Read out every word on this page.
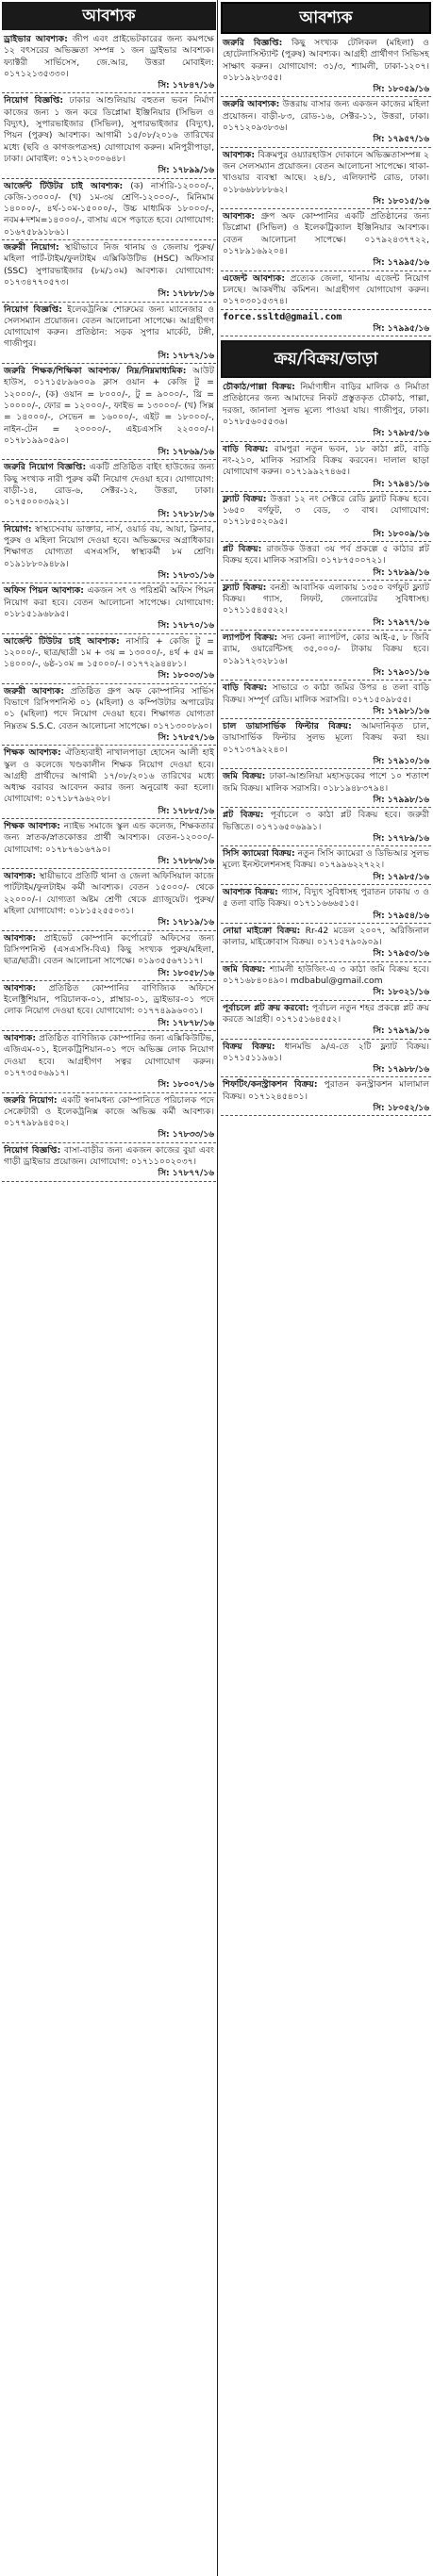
আবশ্যক
ড্রাইভার আবশ্যক: জীপ এবং প্রাইভেটকারের জন্য কমপক্ষে ১২ বৎসরের অভিজ্ঞতা সম্পন্ন ১ জন ড্রাইভার আবশ্যক। ফ্যাক্টরী সার্ভিসেস, জে.আর, উত্তরা মোবাইল: ০১৭১২১৩৫৩৩০।
সি: ১৭৮৪৭/১৬
নিয়োগ বিজ্ঞপ্তি: ঢাকার আশুলিয়ায় বহুতল ভবন নির্মাণ কাজের জন্য ১ জন করে ডিপ্লোমা ইঞ্জিনিয়ার (সিভিল ও বিদ্যুৎ), সুপারভাইজার (সিভিল), সুপারভাইজার (বিদ্যুৎ), পিয়ন (পুরুষ) আবশ্যক। আগামী ১৫/০৮/২০১৬ তারিখের মধ্যে (ছবি ও কাগজপত্রসহ) যোগাযোগ করুন। মনিপুরীপাড়া, ঢাকা। মোবাইল: ০১৭১২০৩০৬৪৮।
সি: ১৭৮৯৯/১৬
আর্জেন্ট টিউটর চাই আবশ্যক: (ক) নার্সারি-১২০০০/-, কেজি-১৩০০০/- (খ) ১ম-৩য় শ্রেণি-১২০০০/-, মিনিমাম ১৪০০০/-, ৪র্থ-১০ম-১৫০০০/-, উচ্চ মাধ্যমিক ১৮০০০/-, নবম+দশম=১৪০০০/-, বাসায় এসে পড়াতে হবে। যোগাযোগ: ০১৬৭৫৮৯১৮৬১।
জরুরী নিয়োগ: স্থায়ীভাবে নিজ থানায় ও জেলায় পুরুষ/মহিলা পার্ট-টাইম/ফুলটাইম এক্সিকিউটিভ (HSC) অফিসার (SSC) সুপারভাইজার (৮ম/১০ম) আবশ্যক। যোগাযোগ: ০১৭৩৪৭৭০৫৭৩।
সি: ১৭৮৮৮/১৬
নিয়োগ বিজ্ঞপ্তি: ইলেকট্রনিক্স শোরুমের জন্য ম্যানেজার ও সেলসম্যান প্রয়োজন। বেতন আলোচনা সাপেক্ষে। আগ্রহীগণ যোগাযোগ করুন। প্রতিষ্ঠান: সড়ক সুপার মার্কেট, টঙ্গী, গাজীপুর।
সি: ১৭৮৭২/১৬
জরুরি শিক্ষক/শিক্ষিকা আবশ্যক/ নিম্ন/নিম্নমাধ্যমিক: আউট হাউস, ০১৭১৫৮৯৬০০৯ ক্লাস ওয়ান + কেজি টু = ১২০০০/-, (ক) ওয়ান = ৮০০০/-, টু = ৯০০০/-, থ্রি = ১০০০০/-, ফোর = ১২০০০/-, ফাইভ = ১৩০০০/- (খ) সিক্স = ১৪০০০/-, সেভেন = ১৬০০০/-, এইট = ১৮০০০/-, নাইন-টেন = ২০০০০/-, এইচএসসি ২২০০০/-। ০১৭৮১৯৯০৫৯০।
সি: ১৭৮৬৯/১৬
জরুরি নিয়োগ বিজ্ঞপ্তি: একটি প্রতিষ্ঠিত বাইং হাউজের জন্য কিছু সংখ্যক নারী পুরুষ কর্মী নিয়োগ দেওয়া হবে। যোগাযোগ: বাড়ী-১৪, রোড-৬, সেক্টর-১২, উত্তরা, ঢাকা। ০১৭৫০০০৩৯২১।
সি: ১৭৮১৮/১৬
নিয়োগ: স্বাস্থ্যসেবায় ডাক্তার, নার্স, ওয়ার্ড বয়, আয়া, ক্লিনার, পুরুষ ও মহিলা নিয়োগ দেওয়া হবে। অভিজ্ঞদের অগ্রাধিকার। শিক্ষাগত যোগ্যতা এসএসসি, স্বাস্থ্যকর্মী ৮ম শ্রেণি। ০১৯১৮৮০৯৪৮৯।
সি: ১৭৮৩১/১৬
অফিস পিয়ন আবশ্যক: একজন সৎ ও পরিশ্রমী অফিস পিয়ন নিয়োগ করা হবে। বেতন আলোচনা সাপেক্ষে। যোগাযোগ: ০১৮১৫১৯৬৮৯৫।
সি: ১৭৮৭০/১৬
আর্জেন্ট টিউটর চাই আবশ্যক: নার্সারি + কেজি টু = ১২০০০/-, ছাত্র/ছাত্রী ১ম + ৩য় = ১৩০০০/-, ৪র্থ + ৫ম = ১৪০০০/-, ৬ষ্ঠ-১০ম = ১৫০০০/-। ০১৭৭২৯৪৪৮১।
সি: ১৮০০৩/১৬
জরুরী আবশ্যক: প্রতিষ্ঠিত গ্রুপ অফ কোম্পানির সার্ভিস বিভাগে রিসিপশনিস্ট ০১ (মহিলা) ও কম্পিউটার অপারেটর ০১ (মহিলা) পদে নিয়োগ দেওয়া হবে। শিক্ষাগত যোগ্যতা নিম্নতম S.S.C. বেতন আলোচনা সাপেক্ষে। ০১৭১৩০০৮৯০।
সি: ১৭৮৫৭/১৬
শিক্ষক আবশ্যক: ঐতিহ্যবাহী নাখালপাড়া হোসেন আলী হাই স্কুল ও কলেজে খণ্ডকালীন শিক্ষক নিয়োগ দেওয়া হবে। আগ্রহী প্রার্থীদের আগামী ১৭/০৮/২০১৬ তারিখের মধ্যে অধ্যক্ষ বরাবর আবেদন করার জন্য অনুরোধ করা হলো। যোগাযোগ: ০১৭১৮৭৯৬২০৮।
সি: ১৭৮৮৫/১৬
শিক্ষক আবশ্যক: ন্যাইভ সমাজে স্কুল এন্ড কলেজ, শিক্ষকতার জন্য স্নাতক/স্নাতকোত্তর প্রার্থী আবশ্যক। বেতন-১২০০০/- যোগাযোগ: ০১৭৮৭৬১৬৭৯০।
সি: ১৭৮৮৬/১৬
আবশ্যক: স্থায়ীভাবে প্রতিটি থানা ও জেলা অফিসিয়াল কাজে পার্টটাইম/ফুলটাইম কর্মী আবশ্যক। বেতন ১৫০০০/- থেকে ২২০০০/-। যোগ্যতা অষ্টম শ্রেণী থেকে গ্র্যাজুয়েট। পুরুষ/মহিলা যোগাযোগ: ০১৮১৫২৫৫০৩১।
সি: ১৭৮১৯/১৬
আবশ্যক: প্রাইভেট কোম্পানি কর্পোরেট অফিসের জন্য রিসিপশনিস্ট (এসএসসি-বিএ) কিছু সংখ্যক পুরুষ/মহিলা, ছাত্র/ছাত্রী। বেতন আলোচনা সাপেক্ষে। ০১৯৩৫৫৬৭১১৭।
সি: ১৮০৫৮/১৬
আবশ্যক: প্রতিষ্ঠিত কোম্পানির বাণিজ্যিক অফিসে ইলেক্ট্রিশিয়ান, পরিচালক-০১, প্লাম্বার-০১, ড্রাইভার-০১ পদে লোক নিয়োগ দেওয়া হবে। যোগাযোগ: ০১৭৭৪৯৯৬০৩১।
সি: ১৭৮৭৮/১৬
আবশ্যক: প্রতিষ্ঠিত বাণিজ্যিক কোম্পানির জন্য এক্সিকিউটিভ, এজিএম-০১, ইলেকট্রিশিয়ান-০১ পদে অভিজ্ঞ লোক নিয়োগ দেওয়া হবে। আগ্রহীগণ সত্বর যোগাযোগ করুন। ০১৭৭৩৫০৬৯১৭।
সি: ১৮০০৭/১৬
জরুরি নিয়োগ: একটি স্বনামধন্য কোম্পানিতে পরিচালক পদে সেক্রেটারী ও ইলেকট্রনিক্স কাজে অভিজ্ঞ কর্মী আবশ্যক। ০১৭৭৯৮৯৪৫০২।
সি: ১৭৮৩৩/১৬
নিয়োগ বিজ্ঞপ্তি: বাসা-বাড়ীর জন্য একজন কাজের বুয়া এবং গাড়ী ড্রাইভার প্রয়োজন। যোগাযোগ: ০১৭১১০০২০৩৭।
সি: ১৭৮৭৭/১৬
আবশ্যক
জরুরি বিজ্ঞপ্তি: কিছু সংখ্যক টেলিকল (মহিলা) ও হোটেলাসিস্ট্যান্ট (পুরুষ) আবশ্যক। আগ্রহী প্রার্থীগণ সিভিসহ সাক্ষাৎ করুন। যোগাযোগ: ৩১/৩, শ্যামলী, ঢাকা-১২০৭। ০১৮১৯২৮৩৫৫।
সি: ১৮০৫৯/১৬
জরুরি আবশ্যক: উত্তরায় বাসার জন্য একজন কাজের মহিলা প্রয়োজন। বাড়ী-৮৩, রোড-১৬, সেক্টর-১১, উত্তরা, ঢাকা। ০১৭১২০৯৩৮৩৬।
সি: ১৭৯৫৭/১৬
আবশ্যক: বিক্রমপুর ওয়্যারহাউস দোকানে অভিজ্ঞতাসম্পন্ন ২ জন সেলসম্যান প্রয়োজন। বেতন আলোচনা সাপেক্ষে। থাকা-খাওয়ার ব্যবস্থা আছে। ২৪/১, এলিফ্যান্ট রোড, ঢাকা। ০১৮৬৬৮৮৮৮৬২।
সি: ১৮০১৫/১৬
আবশ্যক: গ্রুপ অফ কোম্পানির একটি প্রতিষ্ঠানের জন্য ডিপ্লোমা (সিভিল) ও ইলেকট্রিক্যাল ইঞ্জিনিয়ার আবশ্যক। বেতন আলোচনা সাপেক্ষে। ০১৭৯২৪৩৭৭২২, ০১৭৮৯১৬৯২০৪।
সি: ১৭৯৯৫/১৬
এজেন্ট আবশ্যক: প্রত্যেক জেলা, থানায় এজেন্ট নিয়োগ চলছে। আকর্ষণীয় কমিশন। আগ্রহীগণ যোগাযোগ করুন। ০১৭০৩০১৫৩৭৪।
force.ssltd@gmail.com
সি: ১৭৯৯৫/১৬
ক্রয়/বিক্রয়/ভাড়া
চৌকাঠ/পাল্লা বিক্রয়: নির্মাণাধীন বাড়ির মালিক ও নির্মাতা প্রতিষ্ঠানের জন্য আমাদের নিকট প্রস্তুতকৃত চৌকাঠ, পাল্লা, দরজা, জানালা সুলভ মূল্যে পাওয়া যায়। গাজীপুর, ঢাকা। ০১৭৮৫৬০৫৫৩৬।
সি: ১৭৯৮৫/১৬
বাড়ি বিক্রয়: রামপুরা নতুন ভবন, ১৮ কাঠা প্লট, বাড়ি নং-২১০, মালিক সরাসরি বিক্রয় করবেন। দালাল ছাড়া যোগাযোগ করুন। ০১৭১৯৯২৭৪৬৫।
সি: ১৭৯৪১/১৬
ফ্ল্যাট বিক্রয়: উত্তরা ১২ নং সেক্টরে রেডি ফ্ল্যাট বিক্রয় হবে। ১৬৫০ বর্গফুট, ৩ বেড, ৩ বাথ। যোগাযোগ: ০১৭১৮৫০২০৯৫।
সি: ১৮০০৯/১৬
প্লট বিক্রয়: রাজউক উত্তরা ৩য় পর্ব প্রকল্পে ৫ কাঠার প্লট বিক্রয় হবে। মালিক সরাসরি। ০১৭৮৭৫০০৭২১।
সি: ১৭৮৯৯/১৬
ফ্ল্যাট বিক্রয়: বনশ্রী আবাসিক এলাকায় ১৩৫০ বর্গফুট ফ্ল্যাট বিক্রয়। গ্যাস, লিফট, জেনারেটর সুবিধাসহ। ০১৭১১৫৪৫৫২২।
সি: ১৭৯৭৭/১৬
ল্যাপটপ বিক্রয়: সদ্য কেনা ল্যাপটপ, কোর আই-৫, ৮ জিবি র‍্যাম, ওয়ারেন্টিসহ ৩৫,০০০/- টাকায় বিক্রয় হবে। ০১৯১৭২৩২৮১৬।
সি: ১৭৯০১/১৬
বাড়ি বিক্রয়: সাভারে ৩ কাঠা জমির উপর ৪ তলা বাড়ি বিক্রয়। সম্পূর্ণ রেডি। মালিক সরাসরি। ০১৭১৫০৯৮৫৫।
সি: ১৭৯৮১/১৬
চাল ডায়াসার্ভিক ফিল্টার বিক্রয়: আমদানিকৃত চাল, ডায়াসার্ভিক ফিল্টার সুলভ মূল্যে বিক্রয় করা হয়। ০১৭১৩৭৯২২৪০।
সি: ১৭৯১০/১৬
জমি বিক্রয়: ঢাকা-আশুলিয়া মহাসড়কের পাশে ১০ শতাংশ জমি বিক্রয়। মালিক সরাসরি। ০১৮১৯৪৮৩৭৯৪।
সি: ১৭৯৯৮/১৬
প্লট বিক্রয়: পূর্বাচলে ৩ কাঠা প্লট বিক্রয় হবে। জরুরী ভিত্তিতে। ০১৭১৬৫০৬৯৯১।
সি: ১৭৭৮৯/১৬
সিসি ক্যামেরা বিক্রয়: নতুন সিসি ক্যামেরা ও ডিভিআর সুলভ মূল্যে ইনস্টলেশনসহ বিক্রয়। ০১৭৯৯৬২২৭২২।
সি: ১৭৯৮৫/১৬
আবশ্যক বিক্রয়: গ্যাস, বিদ্যুৎ সুবিধাসহ পুরাতন ঢাকায় ৩ ও ৫ তলা বাড়ি বিক্রয়। ০১৭১১৬৬৬৫১৫।
সি: ১৭৯৫৪/১৬
নোয়া মাইক্রো বিক্রয়: Rr-42 মডেল ২০০৭, অরিজিনাল কালার, মাইক্রোবাস বিক্রয়। ০১৭১৫৭৯০৯০৯।
সি: ১৭৯৫৩/১৬
জমি বিক্রয়: শ্যামলী হাউজিং-এ ৩ কাঠা জমি বিক্রয় হবে। ০১৭১৬৮৪০৪৯০। mdbabul@gmail.com
সি: ১৮০২১/১৬
পূর্বাচলে প্লট ক্রয় করবো: পূর্বাচল নতুন শহর প্রকল্পে প্লট ক্রয় করতে আগ্রহী। ০১৭১৫১৬৪৫৫২।
সি: ১৭৯৭৯/১৬
বিক্রয় বিক্রয়: ধানমন্ডি ৯/এ-তে ২টি ফ্ল্যাট বিক্রয়। ০১৭১৫১১৯৬১।
সি: ১৭৯৮৮/১৬
শিফটিং/কনস্ট্রাকশন বিক্রয়: পুরাতন কনস্ট্রাকশন মালামাল বিক্রয়। ০১৭১২৪৫৪০১।
সি: ১৮০৫২/১৬
